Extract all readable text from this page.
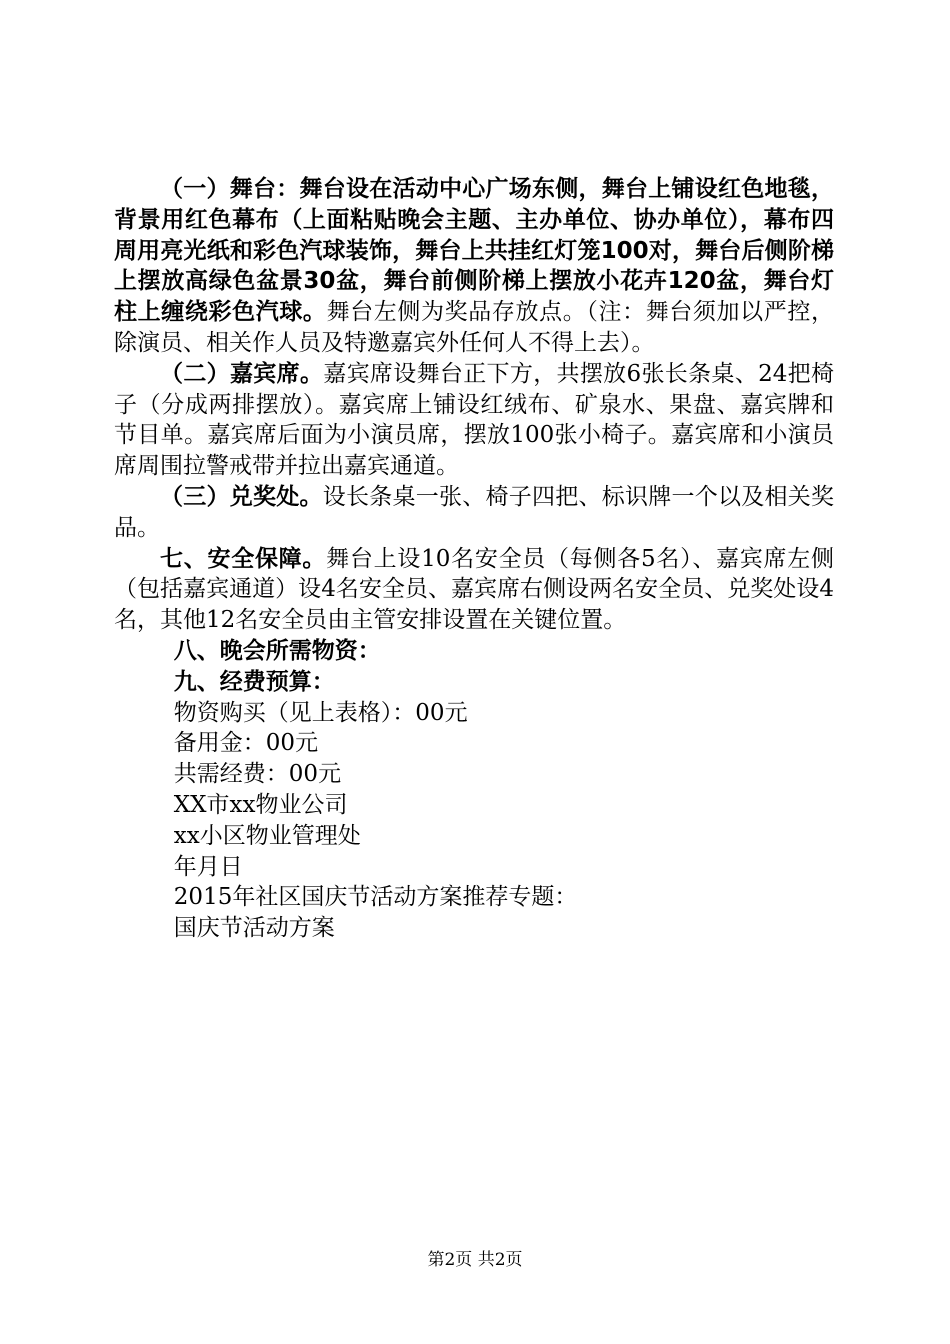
（一）舞台：舞台设在活动中心广场东侧，舞台上铺设红色地毯，背景用红色幕布（上面粘贴晚会主题、主办单位、协办单位），幕布四周用亮光纸和彩色汽球装饰，舞台上共挂红灯笼100对，舞台后侧阶梯上摆放高绿色盆景30盆，舞台前侧阶梯上摆放小花卉120盆，舞台灯柱上缠绕彩色汽球。舞台左侧为奖品存放点。（注：舞台须加以严控，除演员、相关作人员及特邀嘉宾外任何人不得上去）。

（二）嘉宾席。嘉宾席设舞台正下方，共摆放6张长条桌、24把椅子（分成两排摆放）。嘉宾席上铺设红绒布、矿泉水、果盘、嘉宾牌和节目单。嘉宾席后面为小演员席，摆放100张小椅子。嘉宾席和小演员席周围拉警戒带并拉出嘉宾通道。

（三）兑奖处。设长条桌一张、椅子四把、标识牌一个以及相关奖品。

七、安全保障。舞台上设10名安全员（每侧各5名）、嘉宾席左侧（包括嘉宾通道）设4名安全员、嘉宾席右侧设两名安全员、兑奖处设4名，其他12名安全员由主管安排设置在关键位置。

八、晚会所需物资：

九、经费预算：

物资购买（见上表格）：00元

备用金：00元

共需经费：00元

XX市xx物业公司

xx小区物业管理处

年月日

2015年社区国庆节活动方案推荐专题：

国庆节活动方案

第2页 共2页
